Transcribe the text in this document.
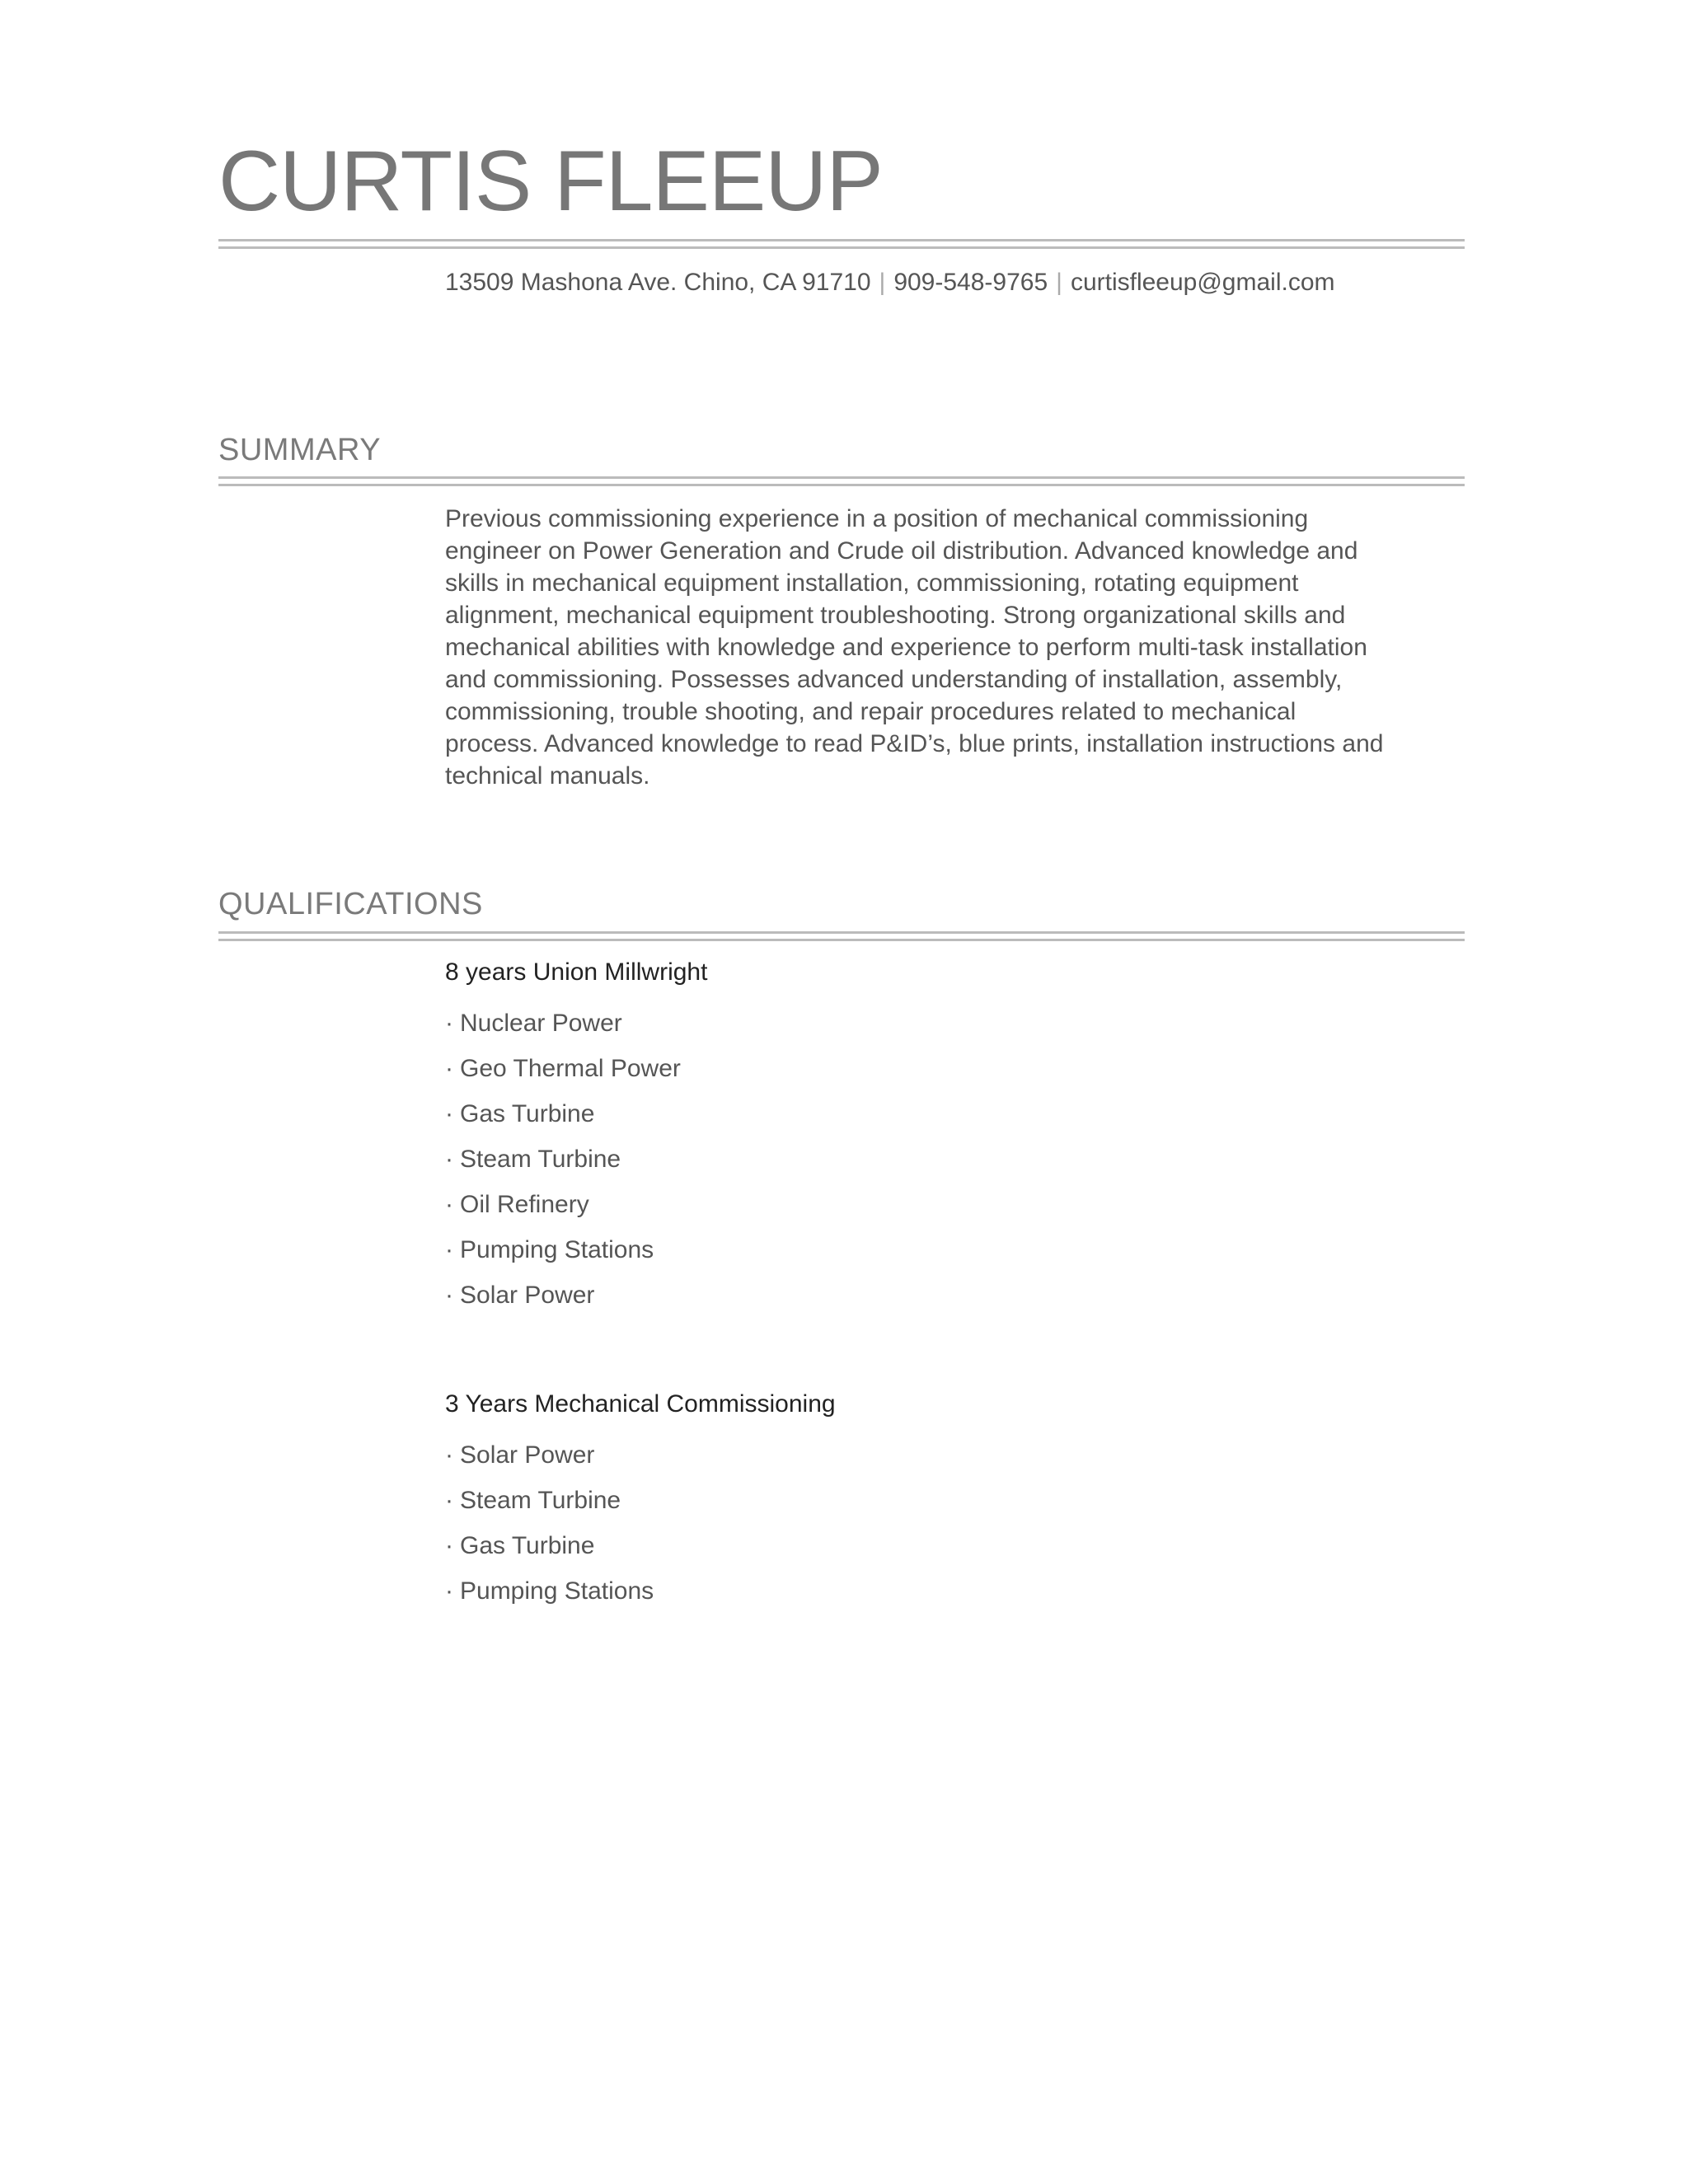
CURTIS FLEEUP
13509 Mashona Ave. Chino, CA 91710 | 909-548-9765 | curtisfleeup@gmail.com
SUMMARY

Previous commissioning experience in a position of mechanical commissioning engineer on Power Generation and Crude oil distribution. Advanced knowledge and skills in mechanical equipment installation, commissioning, rotating equipment alignment, mechanical equipment troubleshooting. Strong organizational skills and mechanical abilities with knowledge and experience to perform multi-task installation and commissioning. Possesses advanced understanding of installation, assembly, commissioning, trouble shooting, and repair procedures related to mechanical process. Advanced knowledge to read P&ID’s, blue prints, installation instructions and technical manuals.

QUALIFICATIONS
8 years Union Millwright
· Nuclear Power
· Geo Thermal Power
· Gas Turbine
· Steam Turbine
· Oil Refinery
· Pumping Stations
· Solar Power
3 Years Mechanical Commissioning
· Solar Power
· Steam Turbine
· Gas Turbine
· Pumping Stations
